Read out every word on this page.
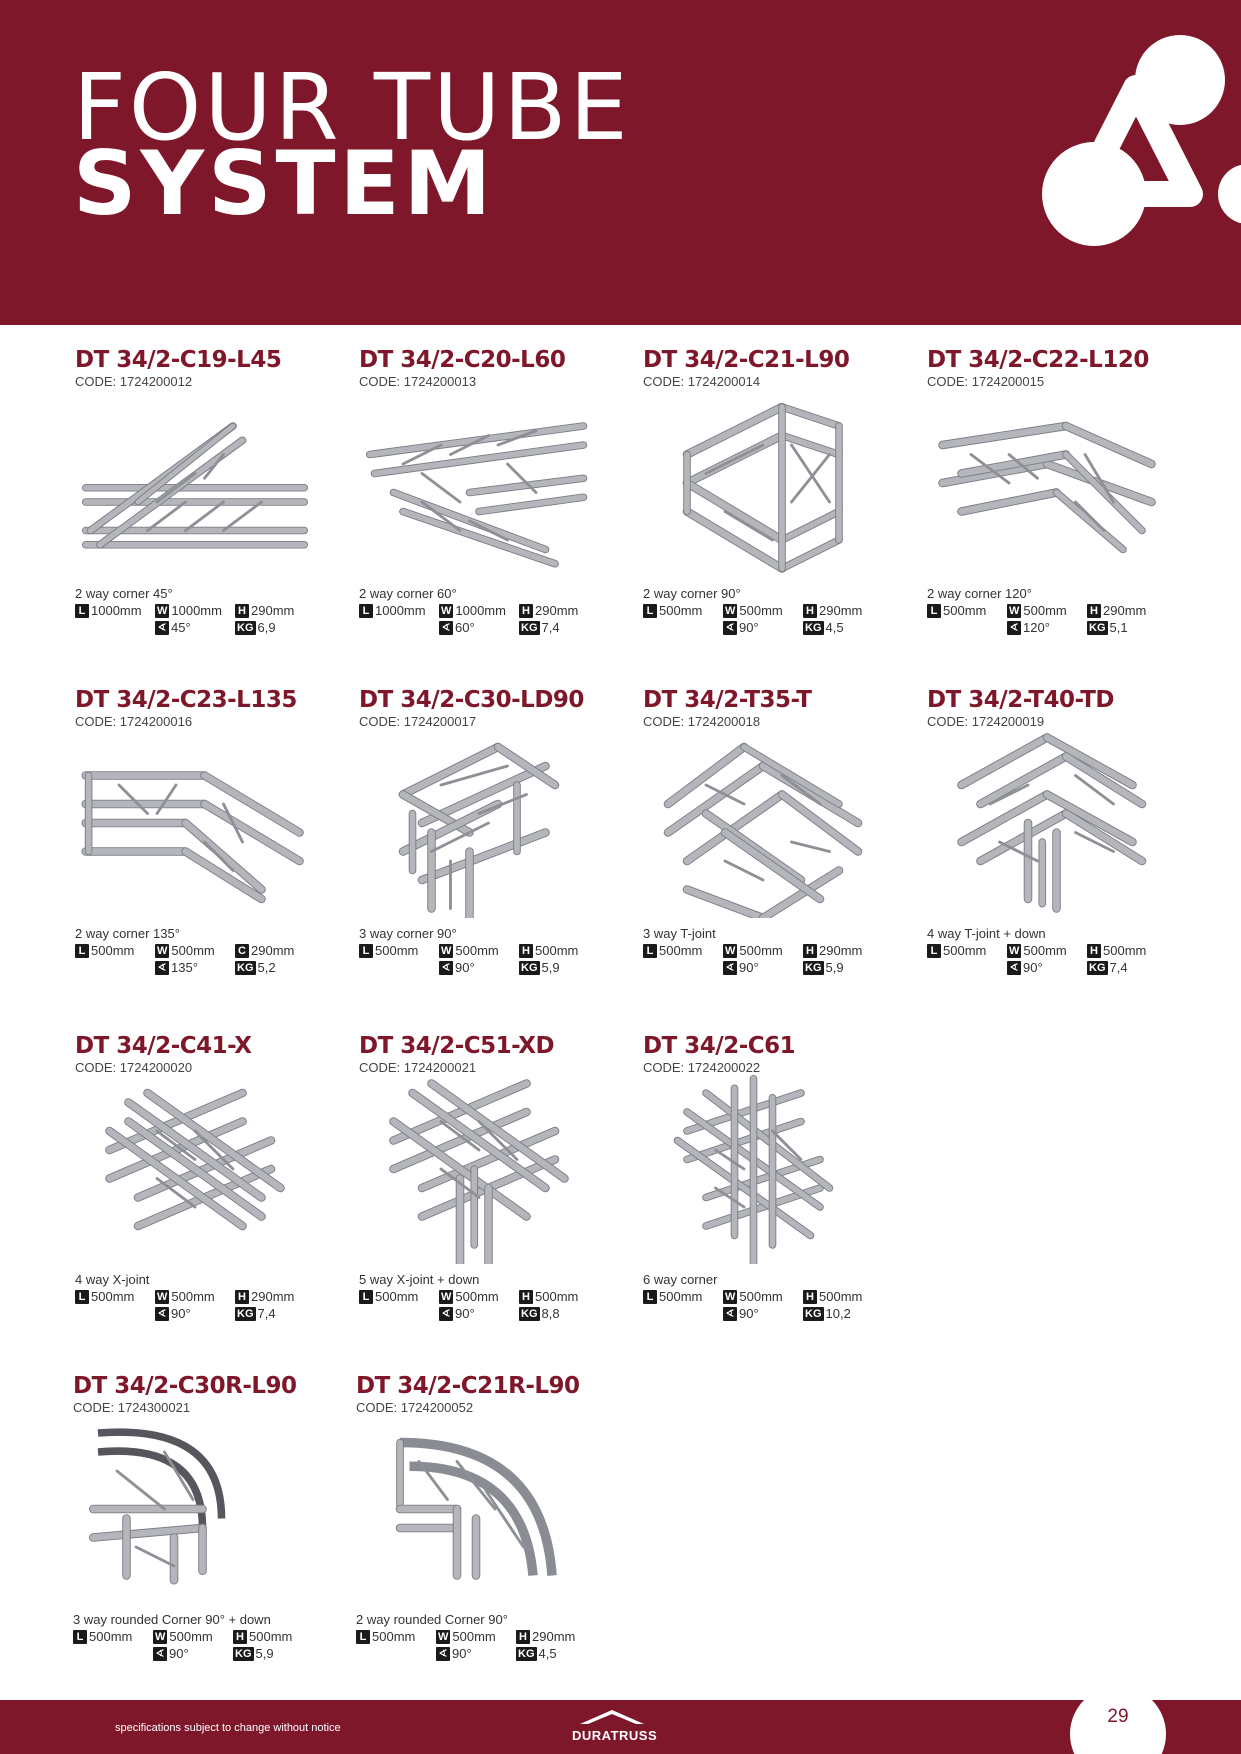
FOUR TUBE
SYSTEM
DT 34/2-C19-L45
CODE: 1724200012
2 way corner 45°
L 1000mm W 1000mm H 290mm
∢ 45°	KG 6,9
DT 34/2-C20-L60
CODE: 1724200013
2 way corner 60°
L 1000mm W 1000mm H 290mm
∢ 60°	KG 7,4
DT 34/2-C21-L90
CODE: 1724200014
2 way corner 90°
L 500mm W 500mm H 290mm
∢ 90°	KG 4,5
DT 34/2-C22-L120
CODE: 1724200015
2 way corner 120°
L 500mm W 500mm H 290mm
∢ 120°	KG 5,1
DT 34/2-C23-L135
CODE: 1724200016
2 way corner 135°
L 500mm W 500mm C 290mm
∢ 135°	KG 5,2
DT 34/2-C30-LD90
CODE: 1724200017
3 way corner 90°
L 500mm W 500mm H 500mm
∢ 90°	KG 5,9
DT 34/2-T35-T
CODE: 1724200018
3 way T-joint
L 500mm W 500mm H 290mm
∢ 90°	KG 5,9
DT 34/2-T40-TD
CODE: 1724200019
4 way T-joint + down
L 500mm W 500mm H 500mm
∢ 90°	KG 7,4
DT 34/2-C41-X
CODE: 1724200020
4 way X-joint
L 500mm W 500mm H 290mm
∢ 90°	KG 7,4
DT 34/2-C51-XD
CODE: 1724200021
5 way X-joint + down
L 500mm W 500mm H 500mm
∢ 90°	KG 8,8
DT 34/2-C61
CODE: 1724200022
6 way corner
L 500mm W 500mm H 500mm
∢ 90°	KG 10,2
DT 34/2-C30R-L90
CODE: 1724300021
3 way rounded Corner 90° + down
L 500mm W 500mm H 500mm
∢ 90°	KG 5,9
DT 34/2-C21R-L90
CODE: 1724200052
2 way rounded Corner 90°
L 500mm W 500mm H 290mm
∢ 90°	KG 4,5
specifications subject to change without notice	DURATRUSS
29
